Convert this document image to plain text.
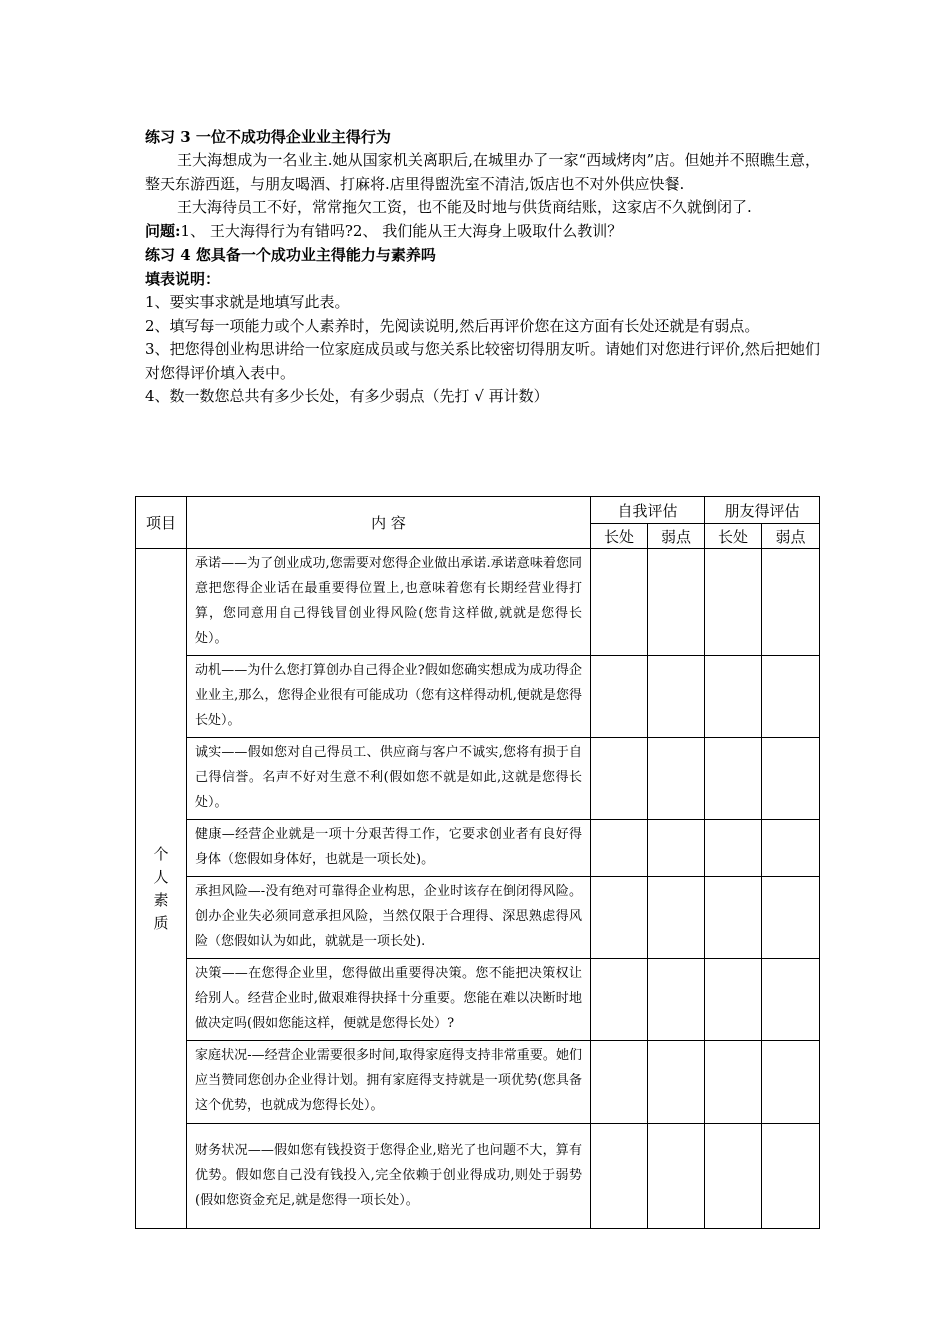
练习 3 一位不成功得企业业主得行为

王大海想成为一名业主.她从国家机关离职后,在城里办了一家“西域烤肉”店。但她并不照瞧生意，整天东游西逛，与朋友喝酒、打麻将.店里得盥洗室不清洁,饭店也不对外供应快餐.

王大海待员工不好，常常拖欠工资，也不能及时地与供货商结账，这家店不久就倒闭了.

问题:1、 王大海得行为有错吗?2、 我们能从王大海身上吸取什么教训？

练习 4 您具备一个成功业主得能力与素养吗

填表说明：

1、要实事求就是地填写此表。

2、填写每一项能力或个人素养时，先阅读说明,然后再评价您在这方面有长处还就是有弱点。

3、把您得创业构思讲给一位家庭成员或与您关系比较密切得朋友听。请她们对您进行评价,然后把她们对您得评价填入表中。

4、数一数您总共有多少长处，有多少弱点（先打 √ 再计数）

项目	内 容	自我评估		朋友得评估	
		长处	弱点	长处	弱点

个
人
素
质	承诺——为了创业成功,您需要对您得企业做出承诺.承诺意味着您同意把您得企业话在最重要得位置上,也意味着您有长期经营业得打算，您同意用自己得钱冒创业得风险(您肯这样做,就就是您得长处）。				
	动机——为什么您打算创办自己得企业?假如您确实想成为成功得企业业主,那么，您得企业很有可能成功（您有这样得动机,便就是您得长处）。				
	诚实——假如您对自己得员工、供应商与客户不诚实,您将有损于自己得信誉。名声不好对生意不利(假如您不就是如此,这就是您得长处）。				
	健康—经营企业就是一项十分艰苦得工作，它要求创业者有良好得身体（您假如身体好，也就是一项长处)。				
	承担风险—-没有绝对可靠得企业构思，企业时该存在倒闭得风险。创办企业失必须同意承担风险，当然仅限于合理得、深思熟虑得风险（您假如认为如此，就就是一项长处).				
	决策——在您得企业里，您得做出重要得决策。您不能把决策权让给别人。经营企业时,做艰难得抉择十分重要。您能在难以决断时地做决定吗(假如您能这样，便就是您得长处）?				
	家庭状况-—经营企业需要很多时间,取得家庭得支持非常重要。她们应当赞同您创办企业得计划。拥有家庭得支持就是一项优势(您具备这个优势，也就成为您得长处）。				
	财务状况——假如您有钱投资于您得企业,赔光了也问题不大，算有优势。假如您自己没有钱投入,完全依赖于创业得成功,则处于弱势(假如您资金充足,就是您得一项长处）。				
